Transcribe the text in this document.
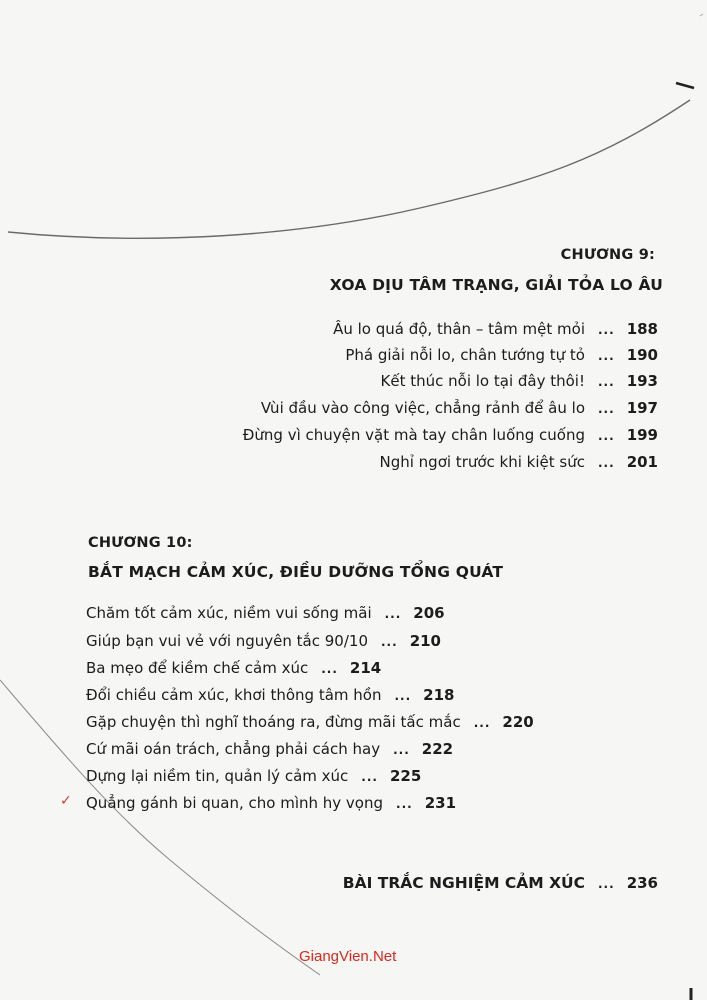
CHƯƠNG 9:
XOA DỊU TÂM TRẠNG, GIẢI TỎA LO ÂU
Âu lo quá độ, thân – tâm mệt mỏi ... 188
Phá giải nỗi lo, chân tướng tự tỏ ... 190
Kết thúc nỗi lo tại đây thôi! ... 193
Vùi đầu vào công việc, chẳng rảnh để âu lo ... 197
Đừng vì chuyện vặt mà tay chân luống cuống ... 199
Nghỉ ngơi trước khi kiệt sức ... 201
CHƯƠNG 10:
BẮT MẠCH CẢM XÚC, ĐIỀU DƯỠNG TỔNG QUÁT
Chăm tốt cảm xúc, niềm vui sống mãi ... 206
Giúp bạn vui vẻ với nguyên tắc 90/10 ... 210
Ba mẹo để kiềm chế cảm xúc ... 214
Đổi chiều cảm xúc, khơi thông tâm hồn ... 218
Gặp chuyện thì nghĩ thoáng ra, đừng mãi tấc mắc ... 220
Cứ mãi oán trách, chẳng phải cách hay ... 222
Dựng lại niềm tin, quản lý cảm xúc ... 225
Quẳng gánh bi quan, cho mình hy vọng ... 231
✓
BÀI TRẮC NGHIỆM CẢM XÚC ... 236
GiangVien.Net
